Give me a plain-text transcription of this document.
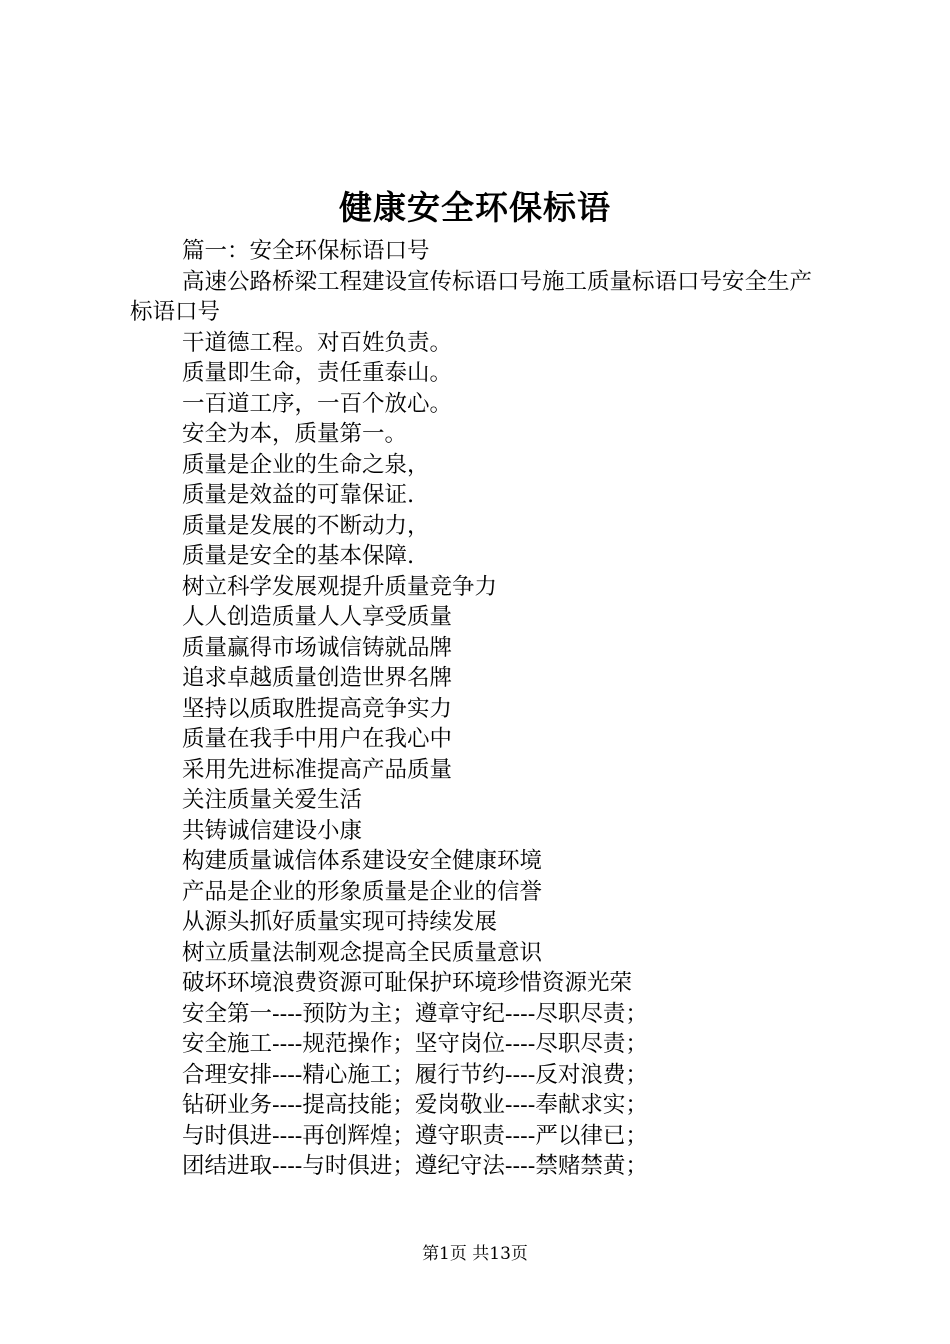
健康安全环保标语

篇一：安全环保标语口号

高速公路桥梁工程建设宣传标语口号施工质量标语口号安全生产标语口号

干道德工程。对百姓负责。

质量即生命，责任重泰山。

一百道工序，一百个放心。

安全为本，质量第一。

质量是企业的生命之泉，

质量是效益的可靠保证.

质量是发展的不断动力，

质量是安全的基本保障.

树立科学发展观提升质量竞争力

人人创造质量人人享受质量

质量赢得市场诚信铸就品牌

追求卓越质量创造世界名牌

坚持以质取胜提高竞争实力

质量在我手中用户在我心中

采用先进标准提高产品质量

关注质量关爱生活

共铸诚信建设小康

构建质量诚信体系建设安全健康环境

产品是企业的形象质量是企业的信誉

从源头抓好质量实现可持续发展

树立质量法制观念提高全民质量意识

破坏环境浪费资源可耻保护环境珍惜资源光荣

安全第一----预防为主；遵章守纪----尽职尽责；

安全施工----规范操作；坚守岗位----尽职尽责；

合理安排----精心施工；履行节约----反对浪费；

钻研业务----提高技能；爱岗敬业----奉献求实；

与时俱进----再创辉煌；遵守职责----严以律已；

团结进取----与时俱进；遵纪守法----禁赌禁黄；

第1页 共13页
